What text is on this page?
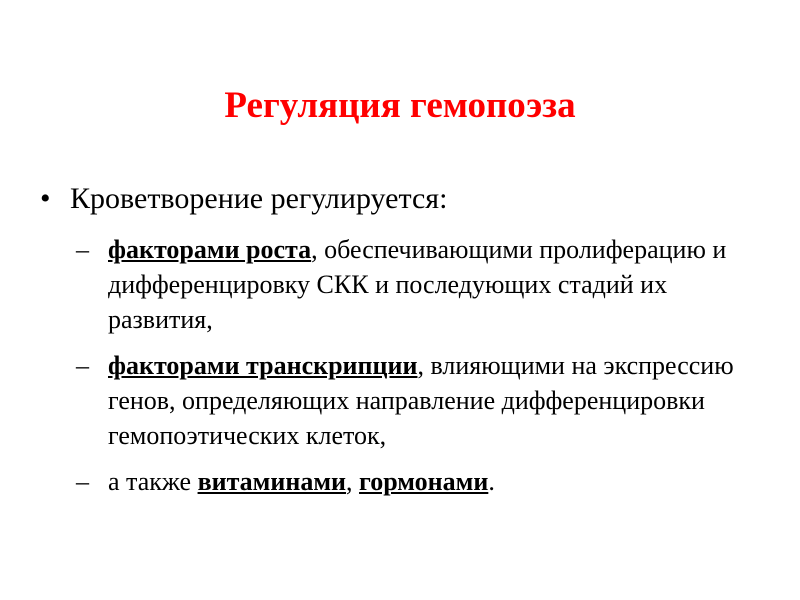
Регуляция гемопоэза
• Кроветворение регулируется:
– факторами роста, обеспечивающими пролиферацию и дифференцировку СКК и последующих стадий их развития,
– факторами транскрипции, влияющими на экспрессию генов, определяющих направление дифференцировки гемопоэтических клеток,
– а также витаминами, гормонами.
